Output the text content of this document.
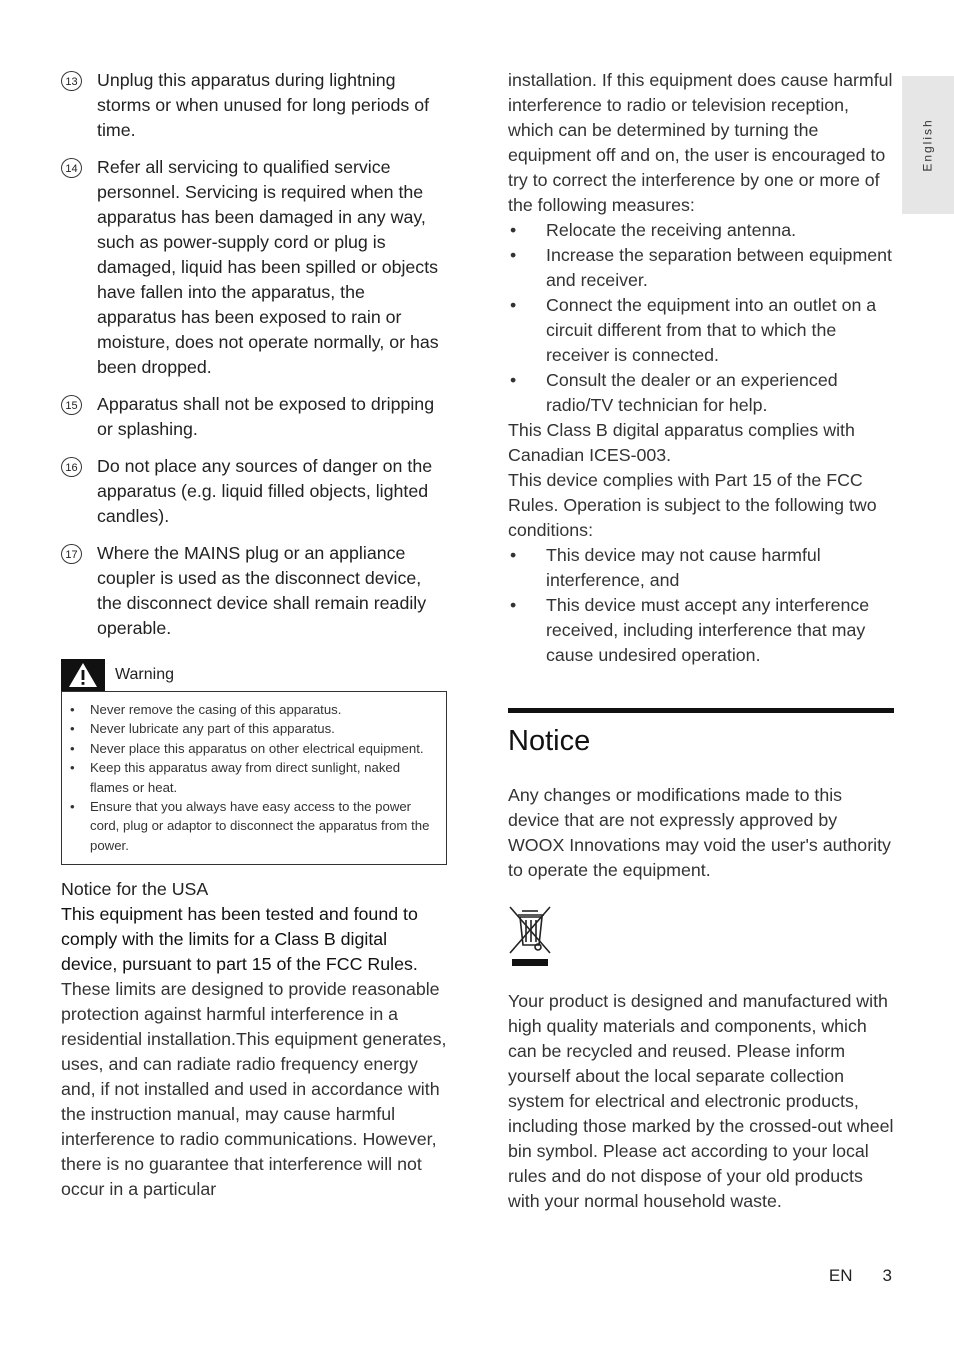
13 Unplug this apparatus during lightning storms or when unused for long periods of time.
14 Refer all servicing to qualified service personnel. Servicing is required when the apparatus has been damaged in any way, such as power-supply cord or plug is damaged, liquid has been spilled or objects have fallen into the apparatus, the apparatus has been exposed to rain or moisture, does not operate normally, or has been dropped.
15 Apparatus shall not be exposed to dripping or splashing.
16 Do not place any sources of danger on the apparatus (e.g. liquid filled objects, lighted candles).
17 Where the MAINS plug or an appliance coupler is used as the disconnect device, the disconnect device shall remain readily operable.
Warning
•	Never remove the casing of this apparatus.
•	Never lubricate any part of this apparatus.
•	Never place this apparatus on other electrical equipment.
•	Keep this apparatus away from direct sunlight, naked flames or heat.
•	Ensure that you always have easy access to the power cord, plug or adaptor to disconnect the apparatus from the power.
Notice for the USA
This equipment has been tested and found to comply with the limits for a Class B digital device, pursuant to part 15 of the FCC Rules.
These limits are designed to provide reasonable protection against harmful interference in a residential installation.This equipment generates, uses, and can radiate radio frequency energy and, if not installed and used in accordance with the instruction manual, may cause harmful interference to radio communications. However, there is no guarantee that interference will not occur in a particular
installation. If this equipment does cause harmful interference to radio or television reception, which can be determined by turning the equipment off and on, the user is encouraged to try to correct the interference by one or more of the following measures:
•	Relocate the receiving antenna.
•	Increase the separation between equipment and receiver.
•	Connect the equipment into an outlet on a circuit different from that to which the receiver is connected.
•	Consult the dealer or an experienced radio/TV technician for help.
This Class B digital apparatus complies with Canadian ICES-003.
This device complies with Part 15 of the FCC Rules. Operation is subject to the following two conditions:
•	This device may not cause harmful interference, and
•	This device must accept any interference received, including interference that may cause undesired operation.
Notice
Any changes or modifications made to this device that are not expressly approved by WOOX Innovations may void the user's authority to operate the equipment.
Your product is designed and manufactured with high quality materials and components, which can be recycled and reused. Please inform yourself about the local separate collection system for electrical and electronic products, including those marked by the crossed-out wheel bin symbol. Please act according to your local rules and do not dispose of your old products with your normal household waste.
English
EN 3
